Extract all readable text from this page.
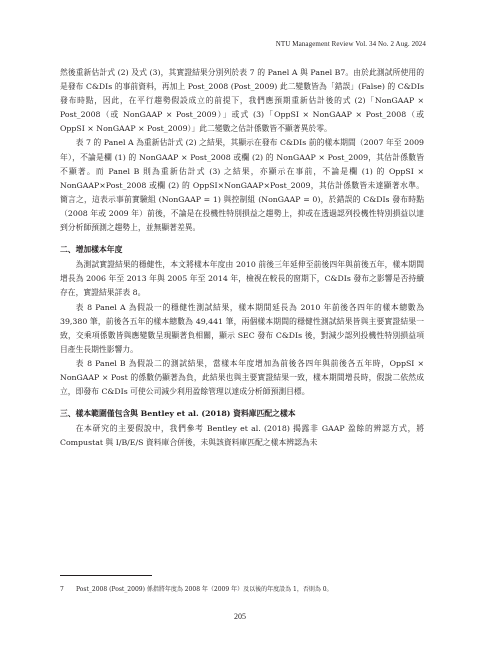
NTU Management Review Vol. 34 No. 2 Aug. 2024

然後重新估計式 (2) 及式 (3)，其實證結果分別列於表 7 的 Panel A 與 Panel B7。由於此測試所使用的是發布 C&DIs 的事前資料，再加上 Post_2008 (Post_2009) 此二變數皆為「錯誤」(False) 的 C&DIs 發布時點，因此，在平行趨勢假設成立的前提下，我們應預期重新估計後的式 (2)「NonGAAP × Post_2008（或 NonGAAP × Post_2009）」或式 (3)「OppSI × NonGAAP × Post_2008（或 OppSI × NonGAAP × Post_2009）」此二變數之估計係數皆不顯著異於零。

表 7 的 Panel A 為重新估計式 (2) 之結果，其顯示在發布 C&DIs 前的樣本期間（2007 年至 2009 年），不論是欄 (1) 的 NonGAAP × Post_2008 或欄 (2) 的 NonGAAP × Post_2009，其估計係數皆不顯著。而 Panel B 則為重新估計式 (3) 之結果，亦顯示在事前，不論是欄 (1) 的 OppSI × NonGAAP×Post_2008 或欄 (2) 的 OppSI×NonGAAP×Post_2009，其估計係數皆未達顯著水準。簡言之，這表示事前實驗組 (NonGAAP = 1) 與控制組 (NonGAAP = 0)，於錯誤的 C&DIs 發布時點（2008 年或 2009 年）前後，不論是在投機性特別損益之趨勢上，抑或在透過認列投機性特別損益以達到分析師預測之趨勢上，並無顯著差異。

二、增加樣本年度

為測試實證結果的穩健性，本文將樣本年度由 2010 前後三年延伸至前後四年與前後五年，樣本期間增長為 2006 年至 2013 年與 2005 年至 2014 年，檢視在較長的窗期下，C&DIs 發布之影響是否持續存在，實證結果詳表 8。

表 8 Panel A 為假設一的穩健性測試結果，樣本期間延長為 2010 年前後各四年的樣本總數為 39,380 筆，前後各五年的樣本總數為 49,441 筆，兩個樣本期間的穩健性測試結果皆與主要實證結果一致，交乘項係數皆與應變數呈現顯著負相關，顯示 SEC 發布 C&DIs 後，對減少認列投機性特別損益項目產生長期性影響力。

表 8 Panel B 為假設二的測試結果，當樣本年度增加為前後各四年與前後各五年時，OppSI × NonGAAP × Post 的係數仍顯著為負，此結果也與主要實證結果一致，樣本期間增長時，假說二依然成立，即發布 C&DIs 可使公司減少利用盈餘管理以達成分析師預測目標。

三、樣本範圍僅包含與 Bentley et al. (2018) 資料庫匹配之樣本

在本研究的主要假說中，我們參考 Bentley et al. (2018) 揭露非 GAAP 盈餘的辨認方式，將 Compustat 與 I/B/E/S 資料庫合併後，未與該資料庫匹配之樣本辨認為未

7 Post_2008 (Post_2009) 係指將年度為 2008 年（2009 年）及以後的年度設為 1，否則為 0。
205
